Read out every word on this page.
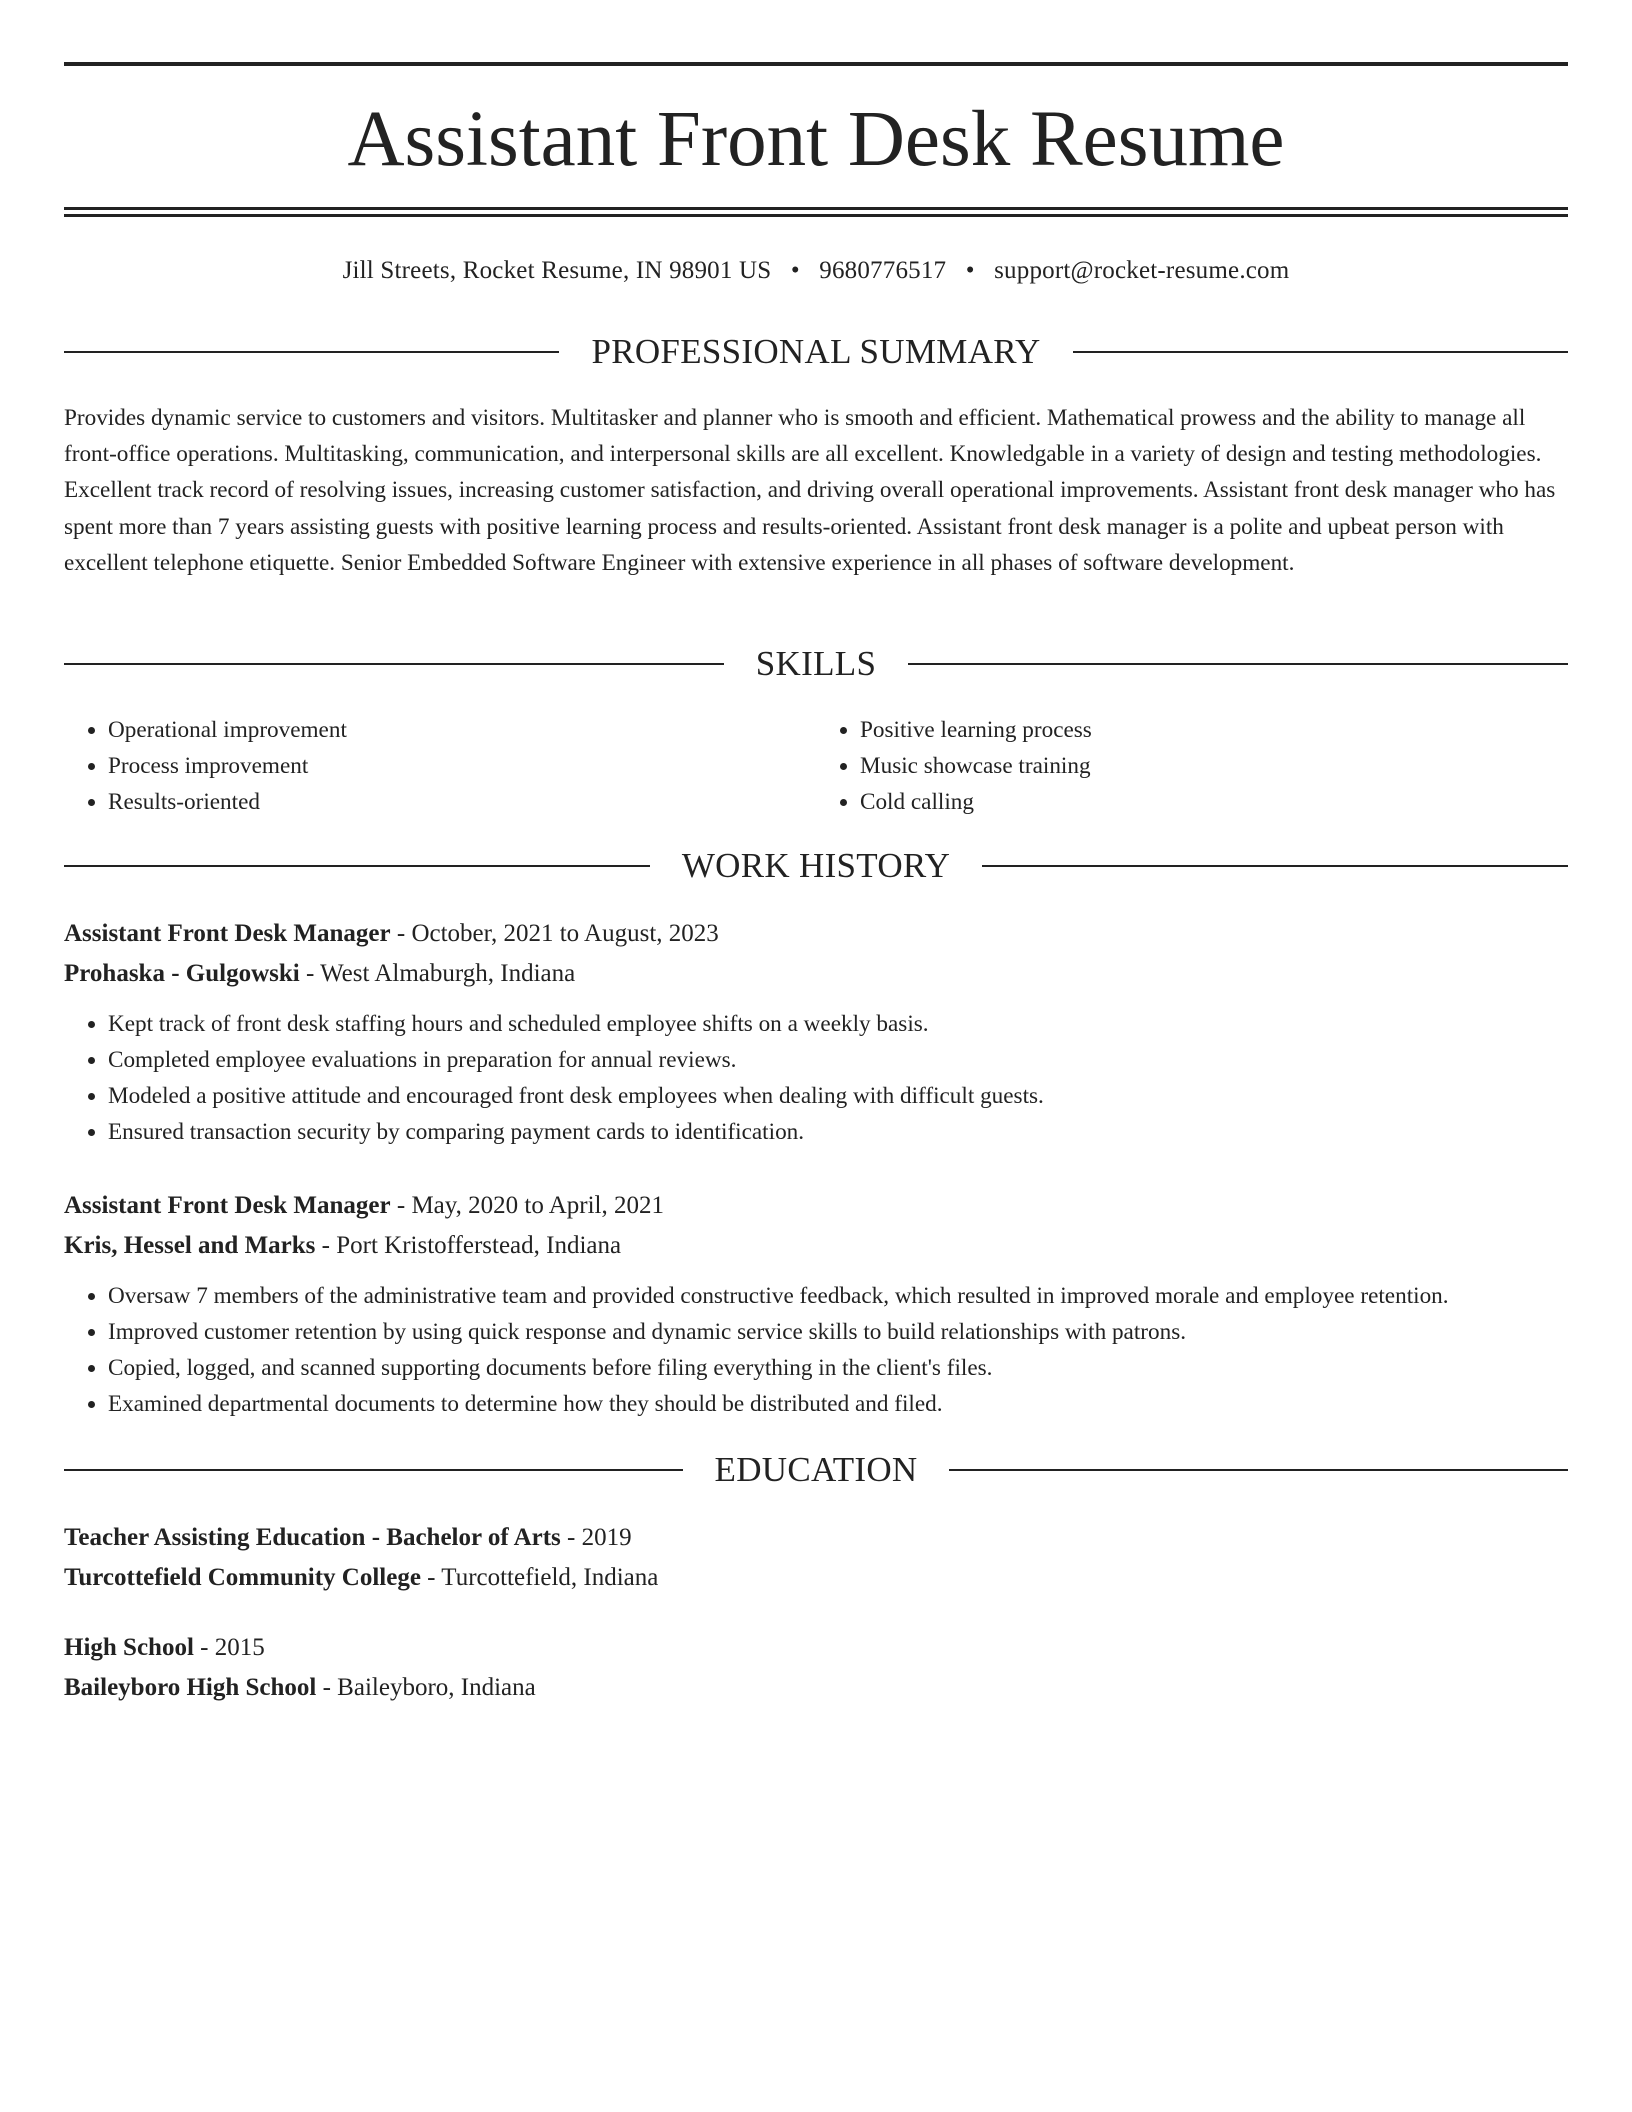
Assistant Front Desk Resume
Jill Streets, Rocket Resume, IN 98901 US • 9680776517 • support@rocket-resume.com
PROFESSIONAL SUMMARY

Provides dynamic service to customers and visitors. Multitasker and planner who is smooth and efficient. Mathematical prowess and the ability to manage all front-office operations. Multitasking, communication, and interpersonal skills are all excellent. Knowledgable in a variety of design and testing methodologies. Excellent track record of resolving issues, increasing customer satisfaction, and driving overall operational improvements. Assistant front desk manager who has spent more than 7 years assisting guests with positive learning process and results-oriented. Assistant front desk manager is a polite and upbeat person with excellent telephone etiquette. Senior Embedded Software Engineer with extensive experience in all phases of software development.

SKILLS
• Operational improvement
• Process improvement
• Results-oriented
• Positive learning process
• Music showcase training
• Cold calling
WORK HISTORY
Assistant Front Desk Manager - October, 2021 to August, 2023
Prohaska - Gulgowski - West Almaburgh, Indiana
• Kept track of front desk staffing hours and scheduled employee shifts on a weekly basis.
• Completed employee evaluations in preparation for annual reviews.
• Modeled a positive attitude and encouraged front desk employees when dealing with difficult guests.
• Ensured transaction security by comparing payment cards to identification.
Assistant Front Desk Manager - May, 2020 to April, 2021
Kris, Hessel and Marks - Port Kristofferstead, Indiana
• Oversaw 7 members of the administrative team and provided constructive feedback, which resulted in improved morale and employee retention.
• Improved customer retention by using quick response and dynamic service skills to build relationships with patrons.
• Copied, logged, and scanned supporting documents before filing everything in the client's files.
• Examined departmental documents to determine how they should be distributed and filed.
EDUCATION
Teacher Assisting Education - Bachelor of Arts - 2019
Turcottefield Community College - Turcottefield, Indiana
High School - 2015
Baileyboro High School - Baileyboro, Indiana
